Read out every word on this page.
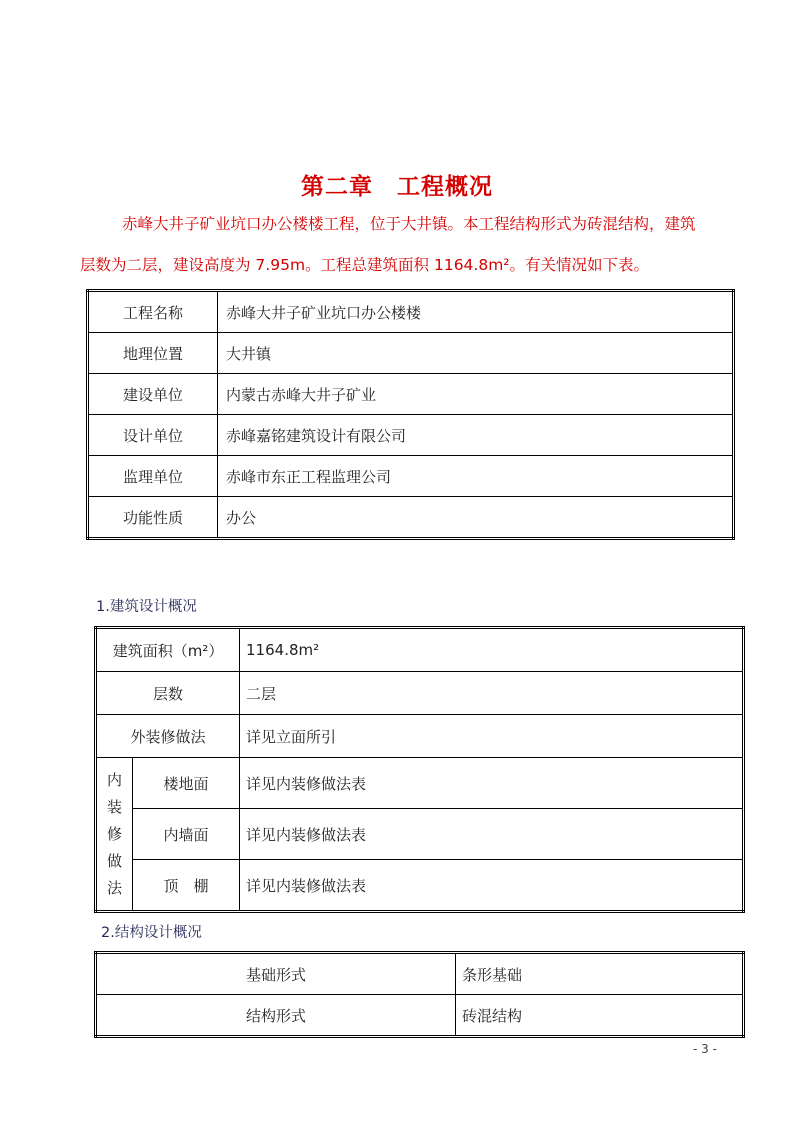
第二章　工程概况
赤峰大井子矿业坑口办公楼楼工程，位于大井镇。本工程结构形式为砖混结构，建筑
层数为二层，建设高度为 7.95m。工程总建筑面积 1164.8m²。有关情况如下表。
工程名称	赤峰大井子矿业坑口办公楼楼
地理位置	大井镇
建设单位	内蒙古赤峰大井子矿业
设计单位	赤峰嘉铭建筑设计有限公司
监理单位	赤峰市东正工程监理公司
功能性质	办公
1.建筑设计概况
建筑面积（m²）		1164.8m²
层数		二层
外装修做法		详见立面所引

内
装
修
做
法	楼地面	详见内装修做法表
	内墙面	详见内装修做法表
	顶　棚	详见内装修做法表
2.结构设计概况
基础形式	条形基础
结构形式	砖混结构
- 3 -
